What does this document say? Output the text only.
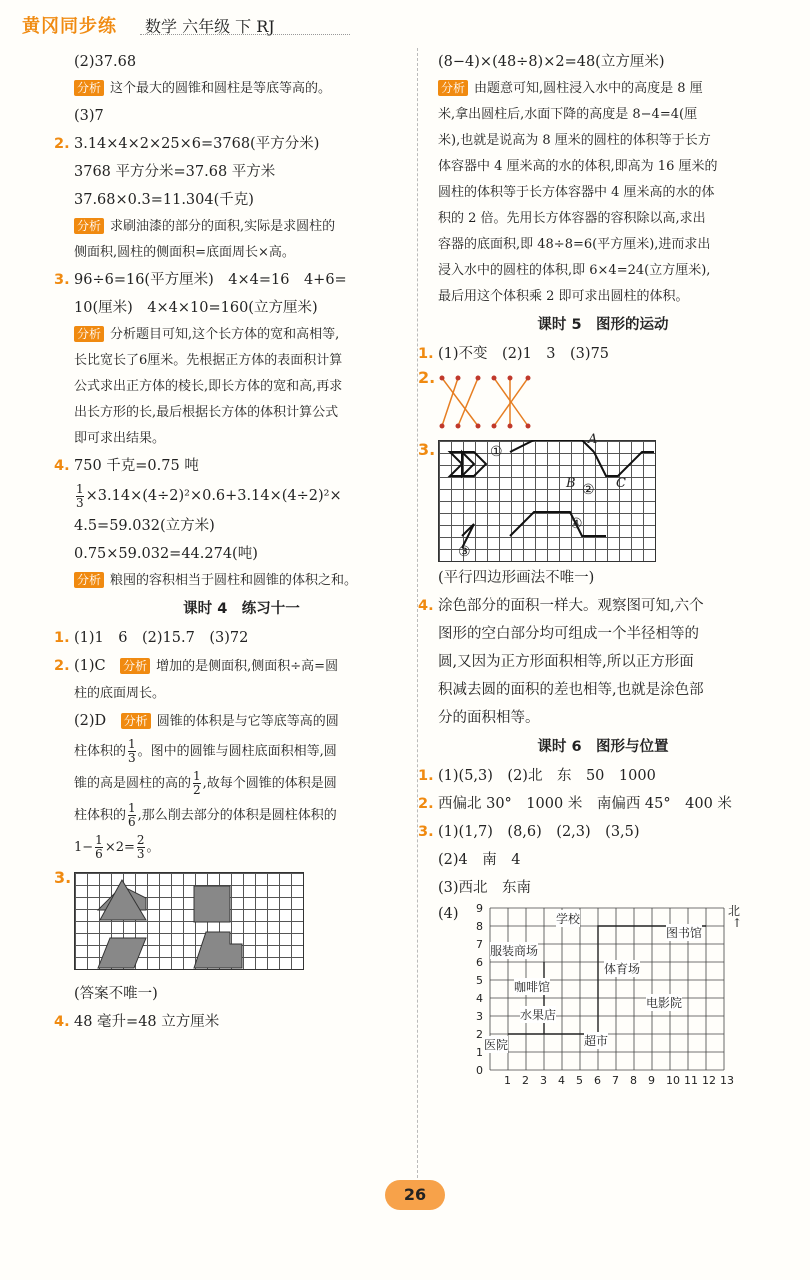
黄冈同步练 数学 六年级 下 RJ
(2)37.68
分析 这个最大的圆锥和圆柱是等底等高的。
(3)7
2. 3.14×4×2×25×6=3768(平方分米)
3768 平方分米=37.68 平方米
37.68×0.3=11.304(千克)
分析 求刷油漆的部分的面积,实际是求圆柱的
侧面积,圆柱的侧面积=底面周长×高。
3. 96÷6=16(平方厘米)　4×4=16　4+6=
10(厘米)　4×4×10=160(立方厘米)
分析 分析题目可知,这个长方体的宽和高相等,
长比宽长了6厘米。先根据正方体的表面积计算
公式求出正方体的棱长,即长方体的宽和高,再求
出长方形的长,最后根据长方体的体积计算公式
即可求出结果。
4. 750 千克=0.75 吨
$\frac{1}{3} \times 3.14\times(4\div 2)^2\times 0.6+3.14\times(4\div 2)^2\times$
4.5=59.032(立方米)
0.75×59.032=44.274(吨)
分析 粮囤的容积相当于圆柱和圆锥的体积之和。
课时 4　练习十一
1. (1)1　6　(2)15.7　(3)72
2. (1)C　 分析 增加的是侧面积,侧面积÷高=圆
柱的底面周长。
(2)D　 分析 圆锥的体积是与它等底等高的圆
柱体积的 $\frac{1}{3}$ 。图中的圆锥与圆柱底面积相等,圆
锥的高是圆柱的高的 $\frac{1}{2}$ ,故每个圆锥的体积是圆
柱体积的 $\frac{1}{6}$ ,那么削去部分的体积是圆柱体积的
$1- \frac{1}{6} \times 2= \frac{2}{3}$ 。
3.
(答案不唯一)
4. 48 毫升=48 立方厘米
(8−4)×(48÷8)×2=48(立方厘米)
分析 由题意可知,圆柱浸入水中的高度是 8 厘
米,拿出圆柱后,水面下降的高度是 8−4=4(厘
米),也就是说高为 8 厘米的圆柱的体积等于长方
体容器中 4 厘米高的水的体积,即高为 16 厘米的
圆柱的体积等于长方体容器中 4 厘米高的水的体
积的 2 倍。先用长方体容器的容积除以高,求出
容器的底面积,即 48÷8=6(平方厘米),进而求出
浸入水中的圆柱的体积,即 6×4=24(立方厘米),
最后用这个体积乘 2 即可求出圆柱的体积。
课时 5　图形的运动
1. (1)不变　(2)1　3　(3)75
2.
3.	①
A
B ② C
④
③
(平行四边形画法不唯一)
4. 涂色部分的面积一样大。观察图可知,六个
图形的空白部分均可组成一个半径相等的
圆,又因为正方形面积相等,所以正方形面
积减去圆的面积的差也相等,也就是涂色部
分的面积相等。
课时 6　图形与位置
1. (1)(5,3)　(2)北　东　50　1000
2. 西偏北 30°　1000 米　南偏西 45°　400 米
3. (1)(1,7)　(8,6)　(2,3)　(3,5)
(2)4　南　4
(3)西北　东南
(4)
1 2 3 4 5 6 7 8 9 10 11 12 13
0
1
2
3
4
5
6
7
8
9	北
↑
学校
图书馆
服装商场
体育场
咖啡馆
电影院
水果店
医院	超市
26
